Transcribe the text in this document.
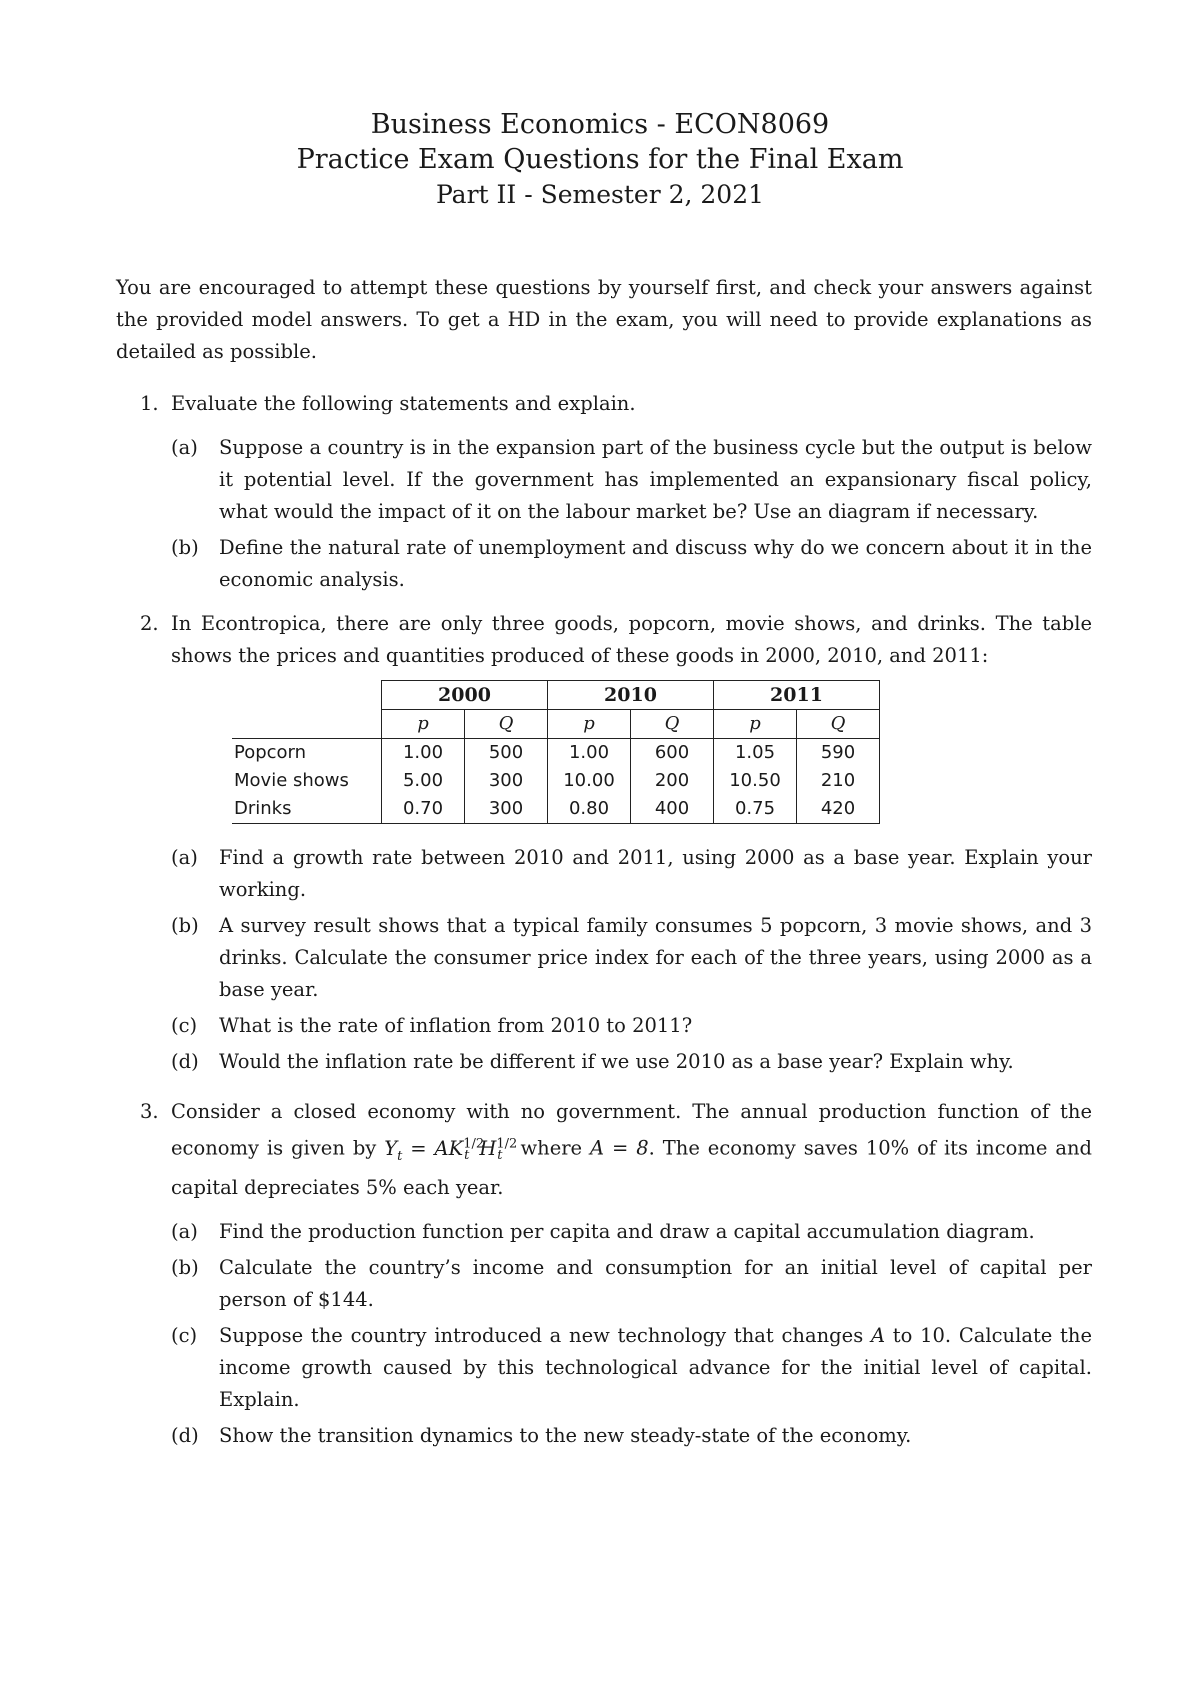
Business Economics - ECON8069
Practice Exam Questions for the Final Exam
Part II - Semester 2, 2021

You are encouraged to attempt these questions by yourself first, and check your answers against the provided model answers. To get a HD in the exam, you will need to provide explanations as detailed as possible.

1. Evaluate the following statements and explain.

(a) Suppose a country is in the expansion part of the business cycle but the output is below it potential level. If the government has implemented an expansionary fiscal policy, what would the impact of it on the labour market be? Use an diagram if necessary.
(b) Define the natural rate of unemployment and discuss why do we concern about it in the economic analysis.
2. In Econtropica, there are only three goods, popcorn, movie shows, and drinks. The table shows the prices and quantities produced of these goods in 2000, 2010, and 2011:

	2000		2010		2011	
	p	Q	p	Q	p	Q
Popcorn	1.00	500	1.00	600	1.05	590
Movie shows	5.00	300	10.00	200	10.50	210
Drinks	0.70	300	0.80	400	0.75	420
(a) Find a growth rate between 2010 and 2011, using 2000 as a base year. Explain your working.
(b) A survey result shows that a typical family consumes 5 popcorn, 3 movie shows, and 3 drinks. Calculate the consumer price index for each of the three years, using 2000 as a base year.
(c) What is the rate of inflation from 2010 to 2011?
(d) Would the inflation rate be different if we use 2010 as a base year? Explain why.
3. Consider a closed economy with no government. The annual production function of the economy is given by $Y_t = AK^{1/2}_t$ $H^{1/2}_t$ where A = 8. The economy saves 10% of its income and capital depreciates 5% each year.

(a) Find the production function per capita and draw a capital accumulation diagram.
(b) Calculate the country’s income and consumption for an initial level of capital per person of $144.
(c) Suppose the country introduced a new technology that changes A to 10. Calculate the income growth caused by this technological advance for the initial level of capital. Explain.
(d) Show the transition dynamics to the new steady-state of the economy.
